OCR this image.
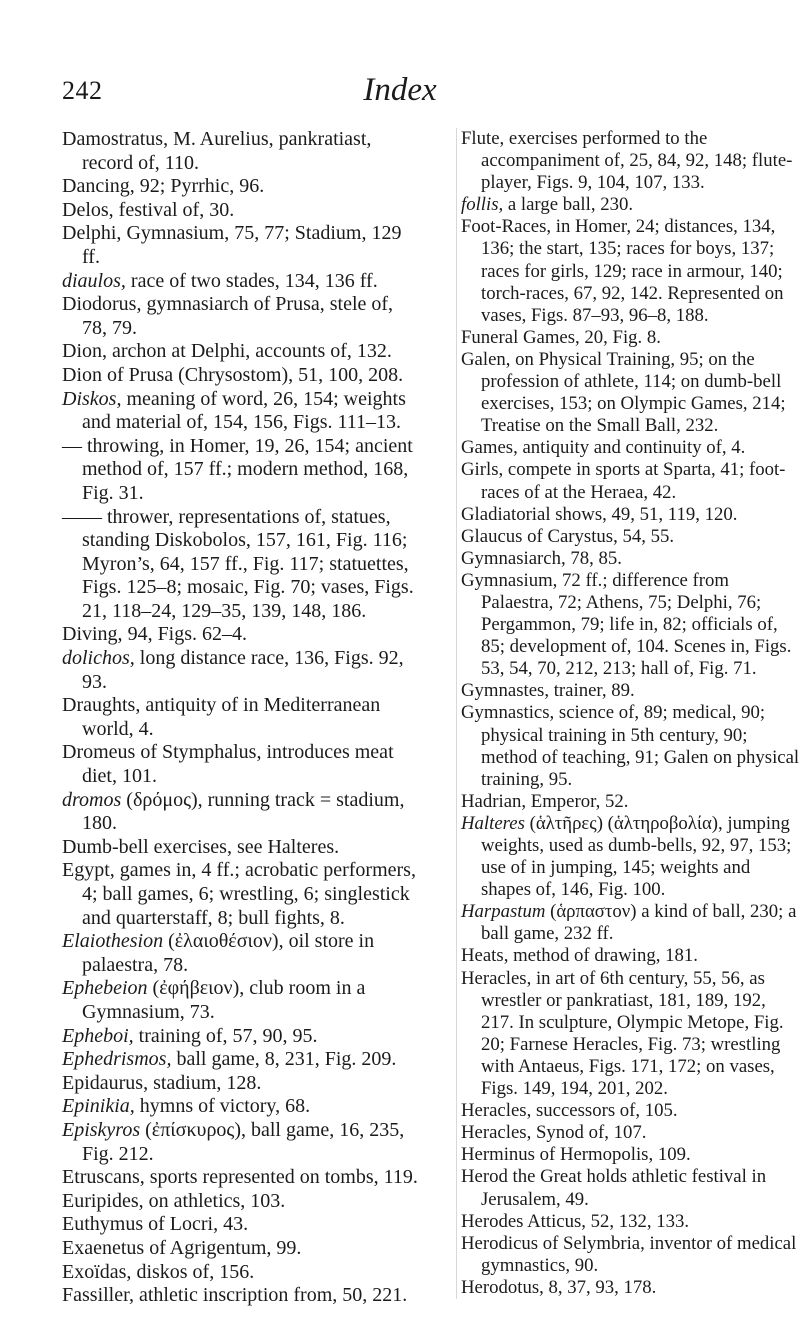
242	Index

Damostratus, M. Aurelius, pankratiast, record of, 110.

Dancing, 92; Pyrrhic, 96.

Delos, festival of, 30.

Delphi, Gymnasium, 75, 77; Stadium, 129 ff.

diaulos, race of two stades, 134, 136 ff.

Diodorus, gymnasiarch of Prusa, stele of, 78, 79.

Dion, archon at Delphi, accounts of, 132.

Dion of Prusa (Chrysostom), 51, 100, 208.

Diskos, meaning of word, 26, 154; weights and material of, 154, 156, Figs. 111–13.

— throwing, in Homer, 19, 26, 154; ancient method of, 157 ff.; modern method, 168, Fig. 31.

—— thrower, representations of, statues, standing Diskobolos, 157, 161, Fig. 116; Myron’s, 64, 157 ff., Fig. 117; statuettes, Figs. 125–8; mosaic, Fig. 70; vases, Figs. 21, 118–24, 129–35, 139, 148, 186.

Diving, 94, Figs. 62–4.

dolichos, long distance race, 136, Figs. 92, 93.

Draughts, antiquity of in Mediterranean world, 4.

Dromeus of Stymphalus, introduces meat diet, 101.

dromos (δρόμος), running track = stadium, 180.

Dumb-bell exercises, see Halteres.

Egypt, games in, 4 ff.; acrobatic performers, 4; ball games, 6; wrestling, 6; singlestick and quarterstaff, 8; bull fights, 8.

Elaiothesion (ἐλαιοθέσιον), oil store in palaestra, 78.

Ephebeion (ἐφήβειον), club room in a Gymnasium, 73.

Epheboi, training of, 57, 90, 95.

Ephedrismos, ball game, 8, 231, Fig. 209.

Epidaurus, stadium, 128.

Epinikia, hymns of victory, 68.

Episkyros (ἐπίσκυρος), ball game, 16, 235, Fig. 212.

Etruscans, sports represented on tombs, 119.

Euripides, on athletics, 103.

Euthymus of Locri, 43.

Exaenetus of Agrigentum, 99.

Exoïdas, diskos of, 156.

Fassiller, athletic inscription from, 50, 221.

Flute, exercises performed to the accompaniment of, 25, 84, 92, 148; flute-player, Figs. 9, 104, 107, 133.

follis, a large ball, 230.

Foot-Races, in Homer, 24; distances, 134, 136; the start, 135; races for boys, 137; races for girls, 129; race in armour, 140; torch-races, 67, 92, 142. Represented on vases, Figs. 87–93, 96–8, 188.

Funeral Games, 20, Fig. 8.

Galen, on Physical Training, 95; on the profession of athlete, 114; on dumb-bell exercises, 153; on Olympic Games, 214; Treatise on the Small Ball, 232.

Games, antiquity and continuity of, 4.

Girls, compete in sports at Sparta, 41; foot-races of at the Heraea, 42.

Gladiatorial shows, 49, 51, 119, 120.

Glaucus of Carystus, 54, 55.

Gymnasiarch, 78, 85.

Gymnasium, 72 ff.; difference from Palaestra, 72; Athens, 75; Delphi, 76; Pergammon, 79; life in, 82; officials of, 85; development of, 104. Scenes in, Figs. 53, 54, 70, 212, 213; hall of, Fig. 71.

Gymnastes, trainer, 89.

Gymnastics, science of, 89; medical, 90; physical training in 5th century, 90; method of teaching, 91; Galen on physical training, 95.

Hadrian, Emperor, 52.

Halteres (ἁλτῆρες) (ἁλτηροβολία), jumping weights, used as dumb-bells, 92, 97, 153; use of in jumping, 145; weights and shapes of, 146, Fig. 100.

Harpastum (ἁρπαστον) a kind of ball, 230; a ball game, 232 ff.

Heats, method of drawing, 181.

Heracles, in art of 6th century, 55, 56, as wrestler or pankratiast, 181, 189, 192, 217. In sculpture, Olympic Metope, Fig. 20; Farnese Heracles, Fig. 73; wrestling with Antaeus, Figs. 171, 172; on vases, Figs. 149, 194, 201, 202.

Heracles, successors of, 105.

Heracles, Synod of, 107.

Herminus of Hermopolis, 109.

Herod the Great holds athletic festival in Jerusalem, 49.

Herodes Atticus, 52, 132, 133.

Herodicus of Selymbria, inventor of medical gymnastics, 90.

Herodotus, 8, 37, 93, 178.
